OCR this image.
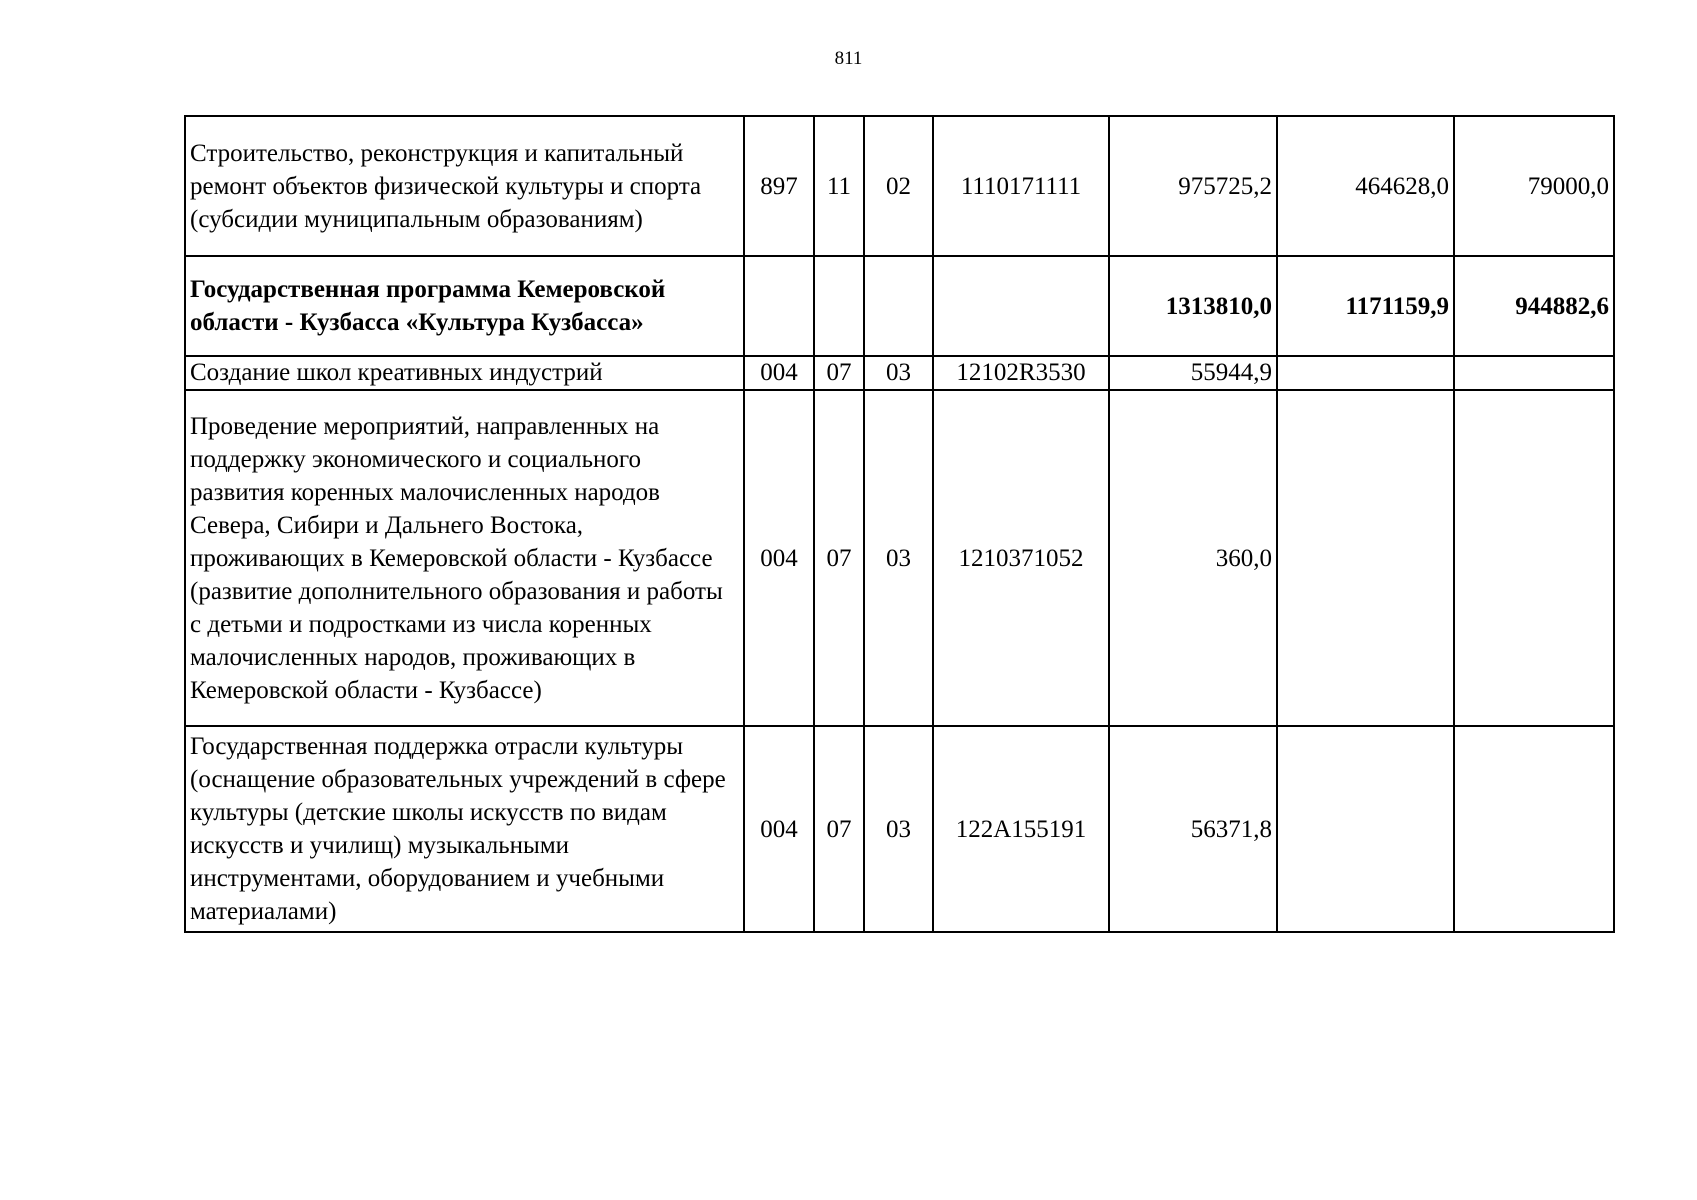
811
Строительство, реконструкция и капитальный ремонт объектов физической культуры и спорта (субсидии муниципальным образованиям)	897	11	02	1110171111	975725,2	464628,0	79000,0
Государственная программа Кемеровской области - Кузбасса «Культура Кузбасса»					1313810,0	1171159,9	944882,6
Создание школ креативных индустрий	004	07	03	12102R3530	55944,9		
Проведение мероприятий, направленных на поддержку экономического и социального развития коренных малочисленных народов Севера, Сибири и Дальнего Востока, проживающих в Кемеровской области - Кузбассе (развитие дополнительного образования и работы с детьми и подростками из числа коренных малочисленных народов, проживающих в Кемеровской области - Кузбассе)	004	07	03	1210371052	360,0		
Государственная поддержка отрасли культуры (оснащение образовательных учреждений в сфере культуры (детские школы искусств по видам искусств и училищ) музыкальными инструментами, оборудованием и учебными материалами)	004	07	03	122A155191	56371,8		
